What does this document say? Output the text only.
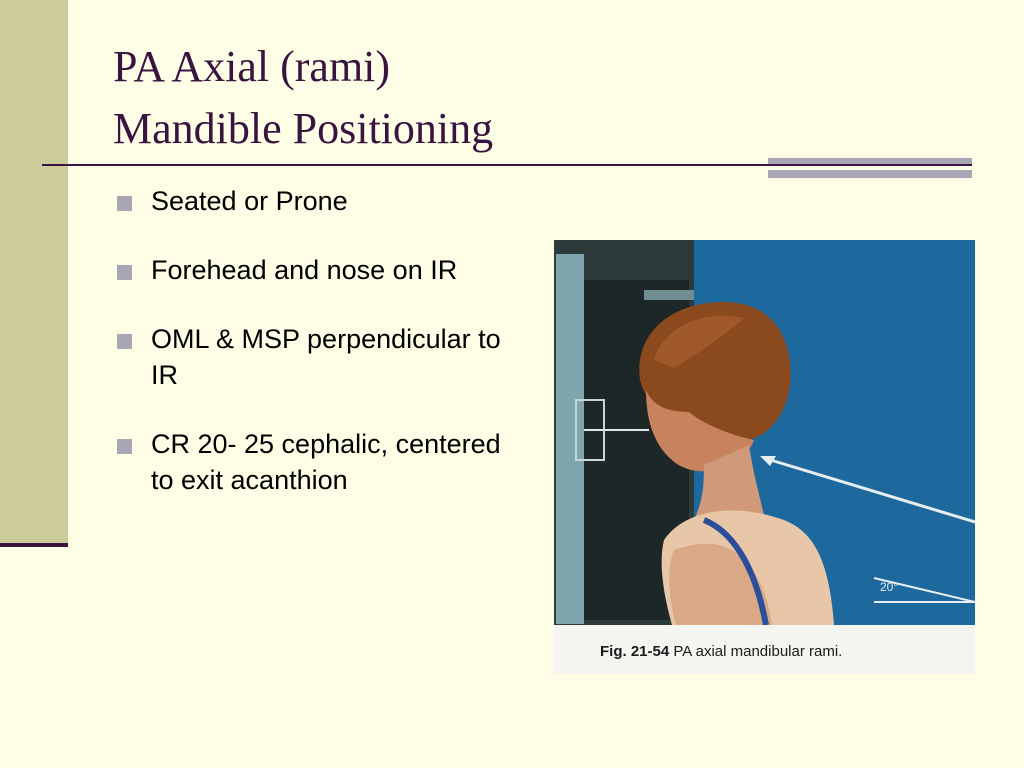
PA Axial (rami)
Mandible Positioning
Seated or Prone
Forehead and nose on IR
OML & MSP perpendicular to IR
CR 20- 25 cephalic, centered to exit acanthion
20°
Fig. 21-54 PA axial mandibular rami.
